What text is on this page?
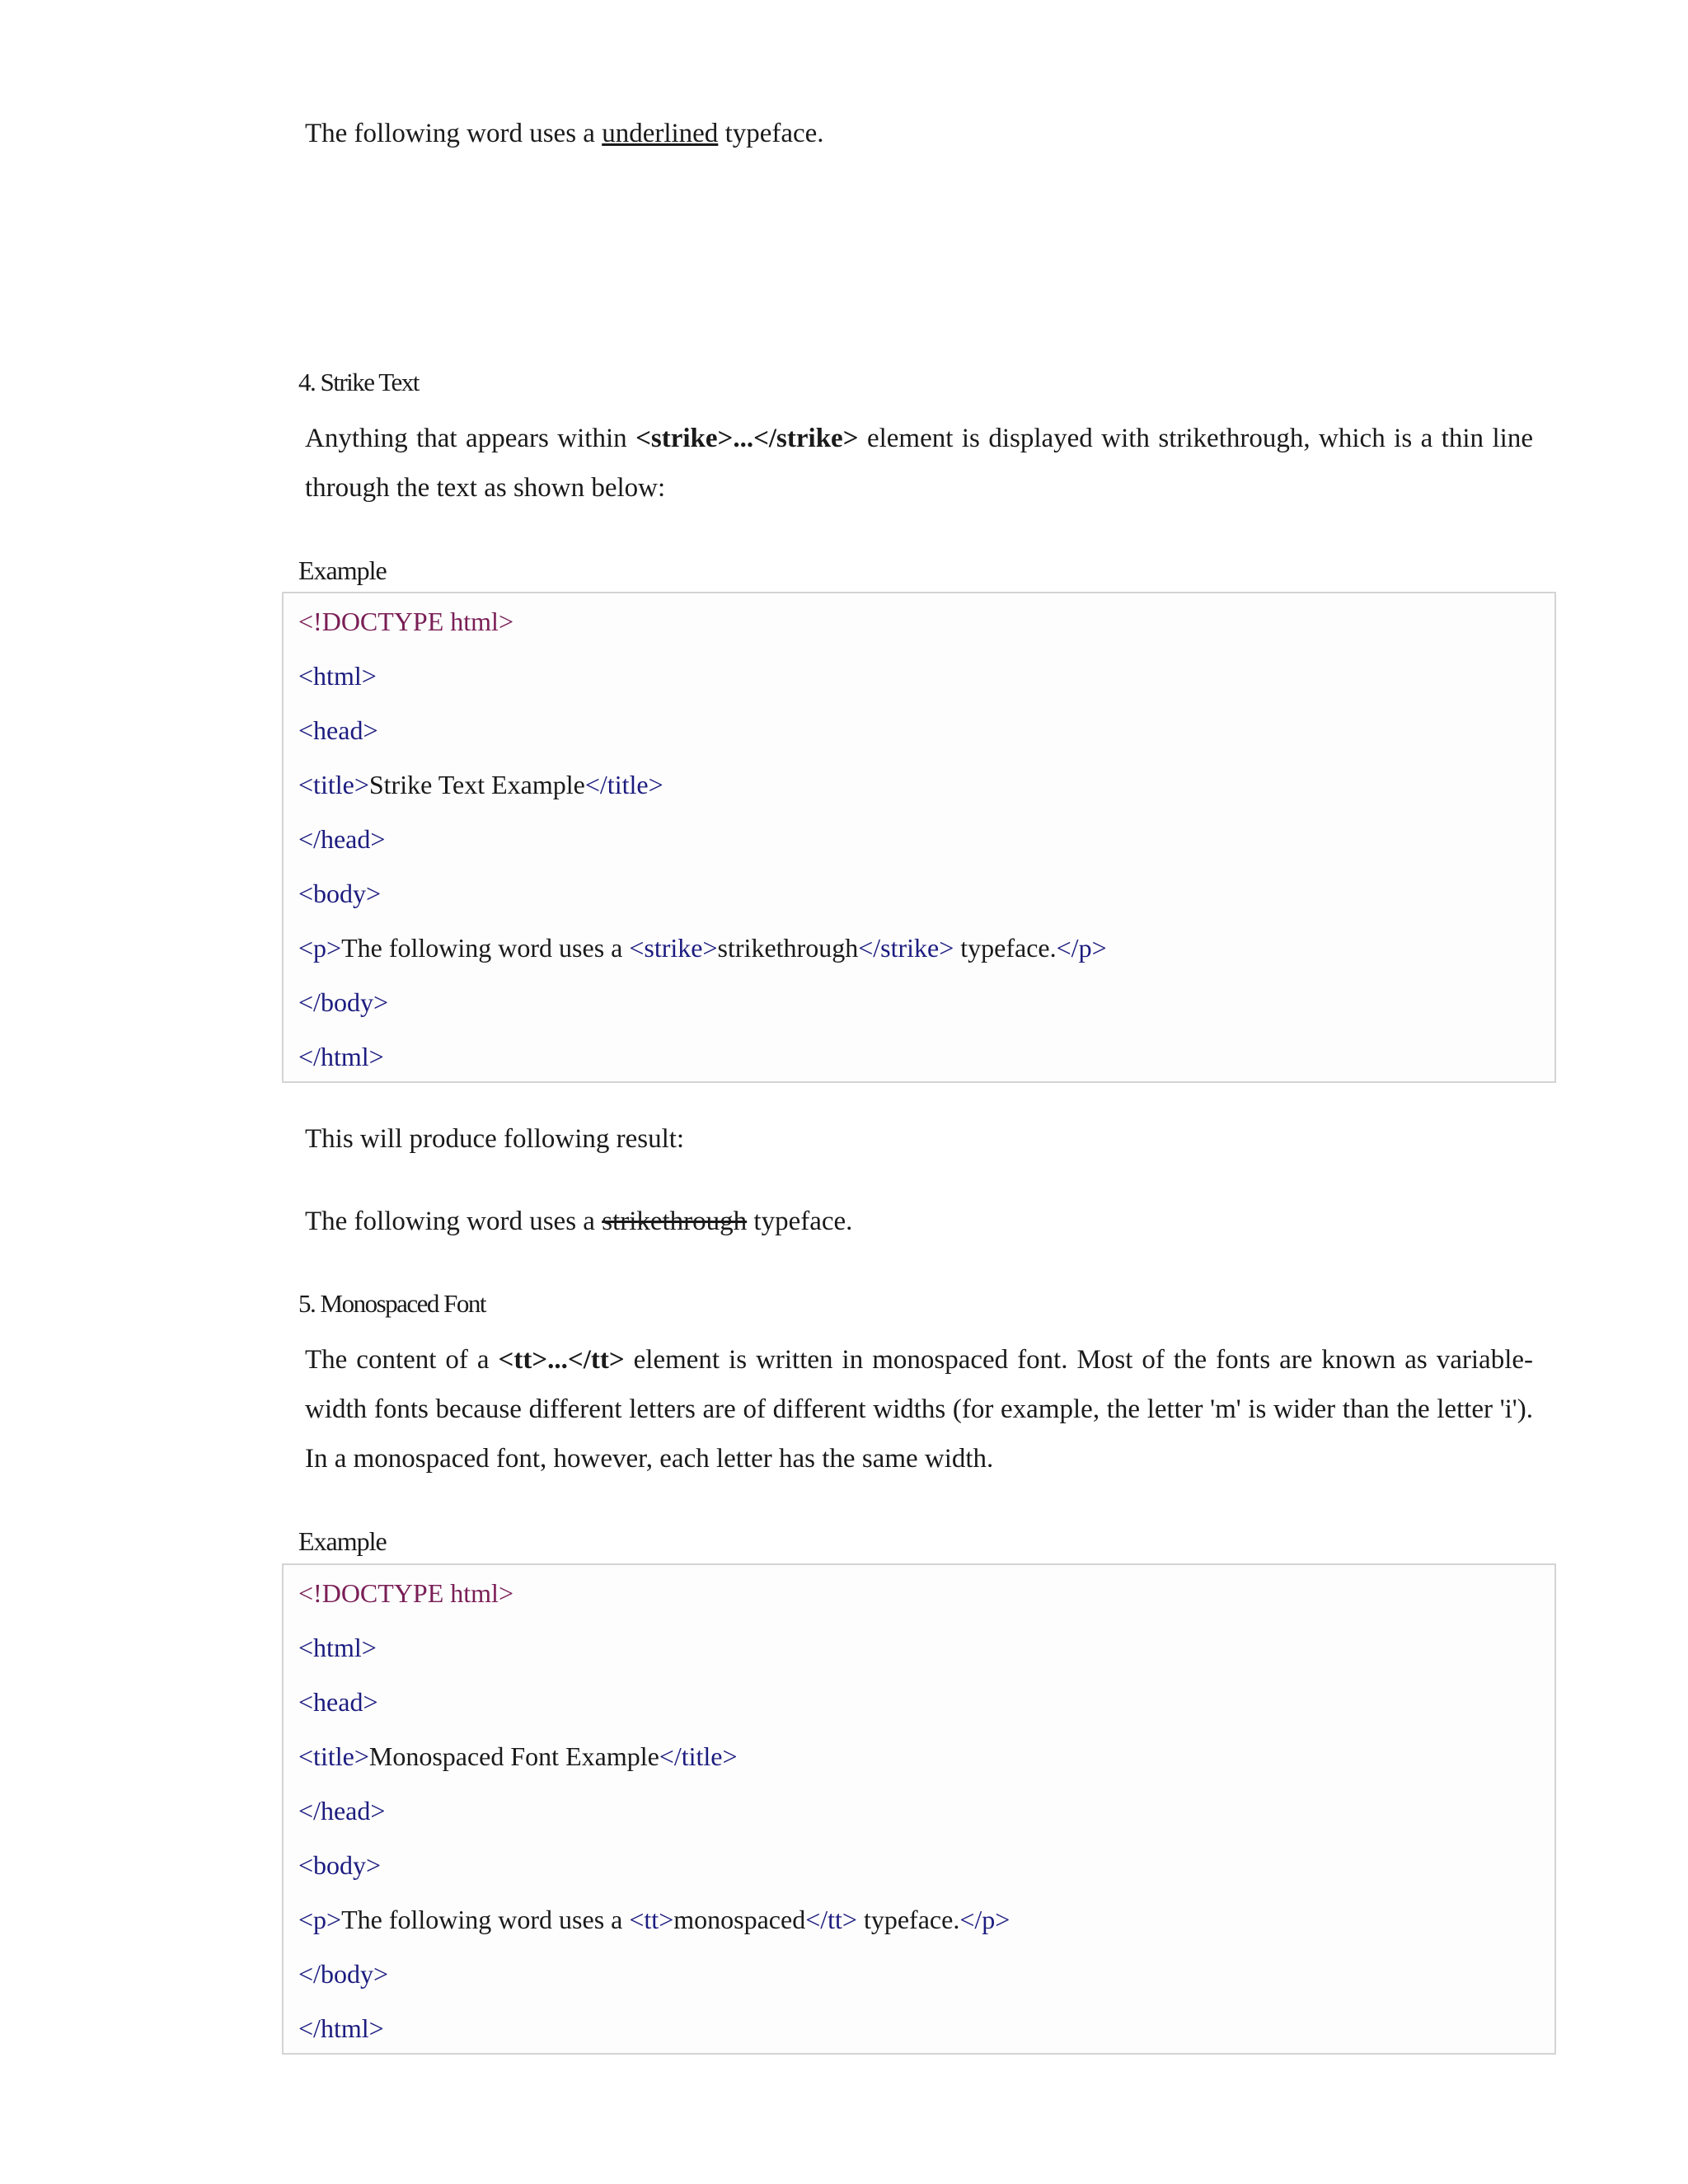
The following word uses a underlined typeface.
4. Strike Text
Anything that appears within <strike>...</strike> element is displayed with strikethrough, which is a thin line through the text as shown below:
Example
<!DOCTYPE html>
<html>
<head>
<title>Strike Text Example</title>
</head>
<body>
<p>The following word uses a <strike>strikethrough</strike> typeface.</p>
</body>
</html>
This will produce following result:
The following word uses a strikethrough typeface.
5. Monospaced Font
The content of a <tt>...</tt> element is written in monospaced font. Most of the fonts are known as variable-width fonts because different letters are of different widths (for example, the letter 'm' is wider than the letter 'i'). In a monospaced font, however, each letter has the same width.
Example
<!DOCTYPE html>
<html>
<head>
<title>Monospaced Font Example</title>
</head>
<body>
<p>The following word uses a <tt>monospaced</tt> typeface.</p>
</body>
</html>
